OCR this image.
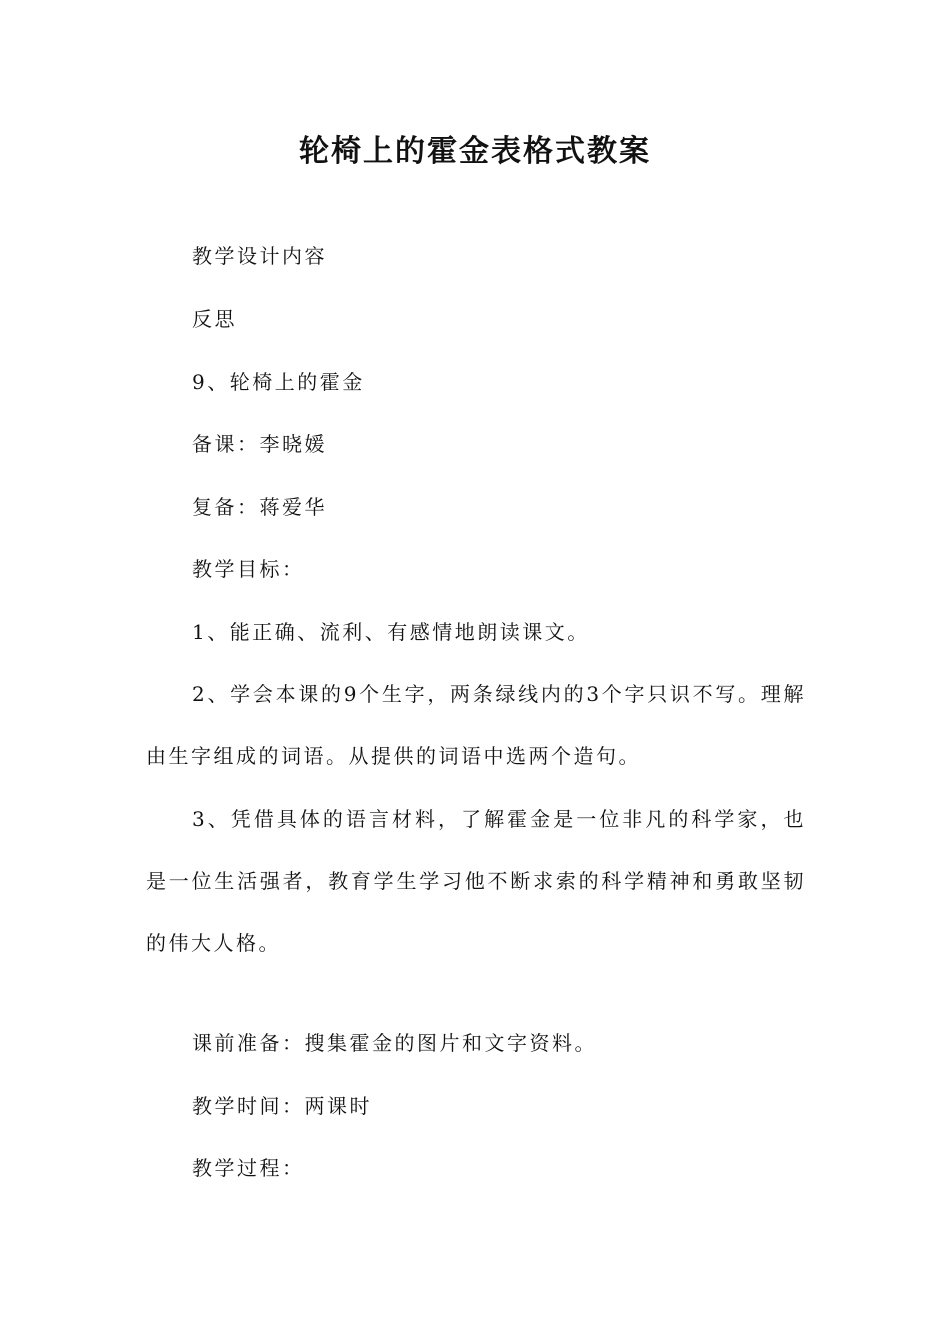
轮椅上的霍金表格式教案

教学设计内容

反思

9、轮椅上的霍金

备课：李晓媛

复备：蒋爱华

教学目标：

1、能正确、流利、有感情地朗读课文。

2、学会本课的9个生字，两条绿线内的3个字只识不写。理解由生字组成的词语。从提供的词语中选两个造句。

3、凭借具体的语言材料，了解霍金是一位非凡的科学家，也是一位生活强者，教育学生学习他不断求索的科学精神和勇敢坚韧的伟大人格。

课前准备：搜集霍金的图片和文字资料。

教学时间：两课时

教学过程：
